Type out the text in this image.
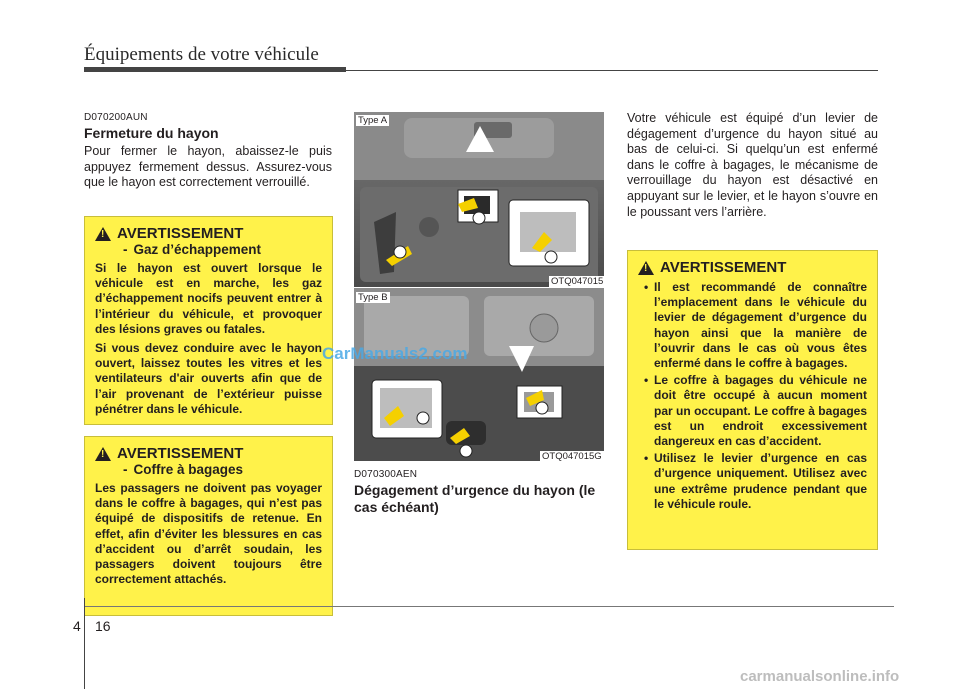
Équipements de votre véhicule
D070200AUN
Fermeture du hayon
Pour fermer le hayon, abaissez-le puis appuyez fermement dessus. Assurez-vous que le hayon est correctement verrouillé.
!
AVERTISSEMENT
- Gaz d’échappement
Si le hayon est ouvert lorsque le véhicule est en marche, les gaz d’échappement nocifs peuvent entrer à l’intérieur du véhicule, et provoquer des lésions graves ou fatales.
Si vous devez conduire avec le hayon ouvert, laissez toutes les vitres et les ventilateurs d'air ouverts afin que de l’air provenant de l’extérieur puisse pénétrer dans le véhicule.
!
AVERTISSEMENT
- Coffre à bagages
Les passagers ne doivent pas voyager dans le coffre à bagages, qui n’est pas équipé de dispositifs de retenue. En effet, afin d’éviter les blessures en cas d’accident ou d’arrêt soudain, les passagers doivent toujours être correctement attachés.
Type A
OTQ047015
Type B
OTQ047015G
D070300AEN
Dégagement d’urgence du hayon (le cas échéant)
Votre véhicule est équipé d’un levier de dégagement d’urgence du hayon situé au bas de celui-ci. Si quelqu’un est enfermé dans le coffre à bagages, le mécanisme de verrouillage du hayon est désactivé en appuyant sur le levier, et le hayon s’ouvre en le poussant vers l’arrière.
!
AVERTISSEMENT
• Il est recommandé de connaître l’emplacement dans le véhicule du levier de dégagement d’urgence du hayon ainsi que la manière de l’ouvrir dans le cas où vous êtes enfermé dans le coffre à bagages.
• Le coffre à bagages du véhicule ne doit être occupé à aucun moment par un occupant. Le coffre à bagages est un endroit excessivement dangereux en cas d’accident.
• Utilisez le levier d’urgence en cas d’urgence uniquement. Utilisez avec une extrême prudence pendant que le véhicule roule.
CarManuals2.com
4 16
carmanualsonline.info
